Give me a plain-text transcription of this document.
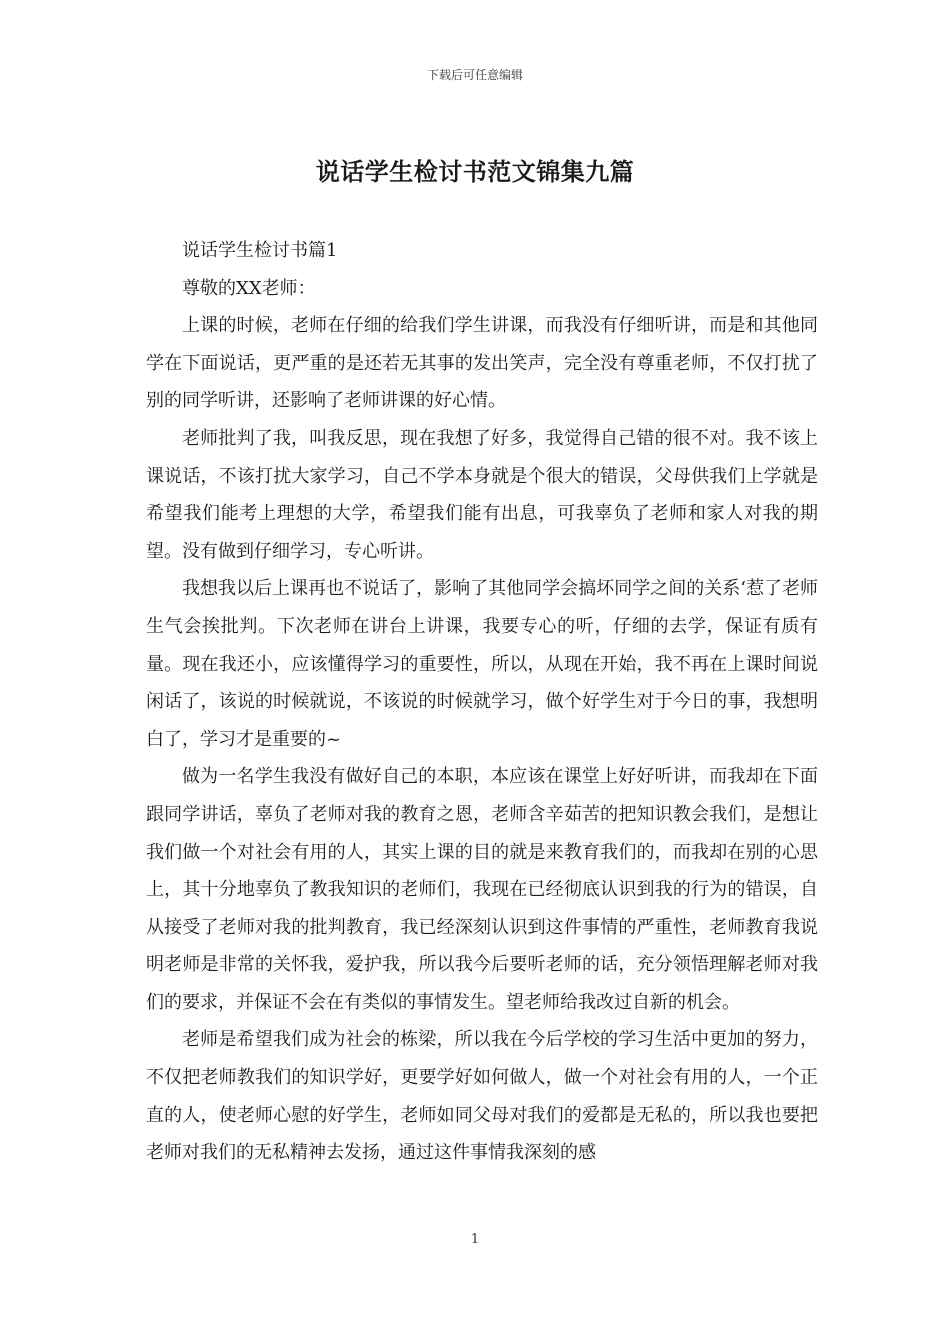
下载后可任意编辑
说话学生检讨书范文锦集九篇

说话学生检讨书篇1

尊敬的XX老师：

上课的时候，老师在仔细的给我们学生讲课，而我没有仔细听讲，而是和其他同学在下面说话，更严重的是还若无其事的发出笑声，完全没有尊重老师，不仅打扰了别的同学听讲，还影响了老师讲课的好心情。

老师批判了我，叫我反思，现在我想了好多，我觉得自己错的很不对。我不该上课说话，不该打扰大家学习，自己不学本身就是个很大的错误，父母供我们上学就是希望我们能考上理想的大学，希望我们能有出息，可我辜负了老师和家人对我的期望。没有做到仔细学习，专心听讲。

我想我以后上课再也不说话了，影响了其他同学会搞坏同学之间的关系‘惹了老师生气会挨批判。下次老师在讲台上讲课，我要专心的听，仔细的去学，保证有质有量。现在我还小，应该懂得学习的重要性，所以，从现在开始，我不再在上课时间说闲话了，该说的时候就说，不该说的时候就学习，做个好学生对于今日的事，我想明白了，学习才是重要的~

做为一名学生我没有做好自己的本职，本应该在课堂上好好听讲，而我却在下面跟同学讲话，辜负了老师对我的教育之恩，老师含辛茹苦的把知识教会我们，是想让我们做一个对社会有用的人，其实上课的目的就是来教育我们的，而我却在别的心思上，其十分地辜负了教我知识的老师们，我现在已经彻底认识到我的行为的错误，自从接受了老师对我的批判教育，我已经深刻认识到这件事情的严重性，老师教育我说明老师是非常的关怀我，爱护我，所以我今后要听老师的话，充分领悟理解老师对我们的要求，并保证不会在有类似的事情发生。望老师给我改过自新的机会。

老师是希望我们成为社会的栋梁，所以我在今后学校的学习生活中更加的努力，不仅把老师教我们的知识学好，更要学好如何做人，做一个对社会有用的人，一个正直的人，使老师心慰的好学生，老师如同父母对我们的爱都是无私的，所以我也要把老师对我们的无私精神去发扬，通过这件事情我深刻的感

1
